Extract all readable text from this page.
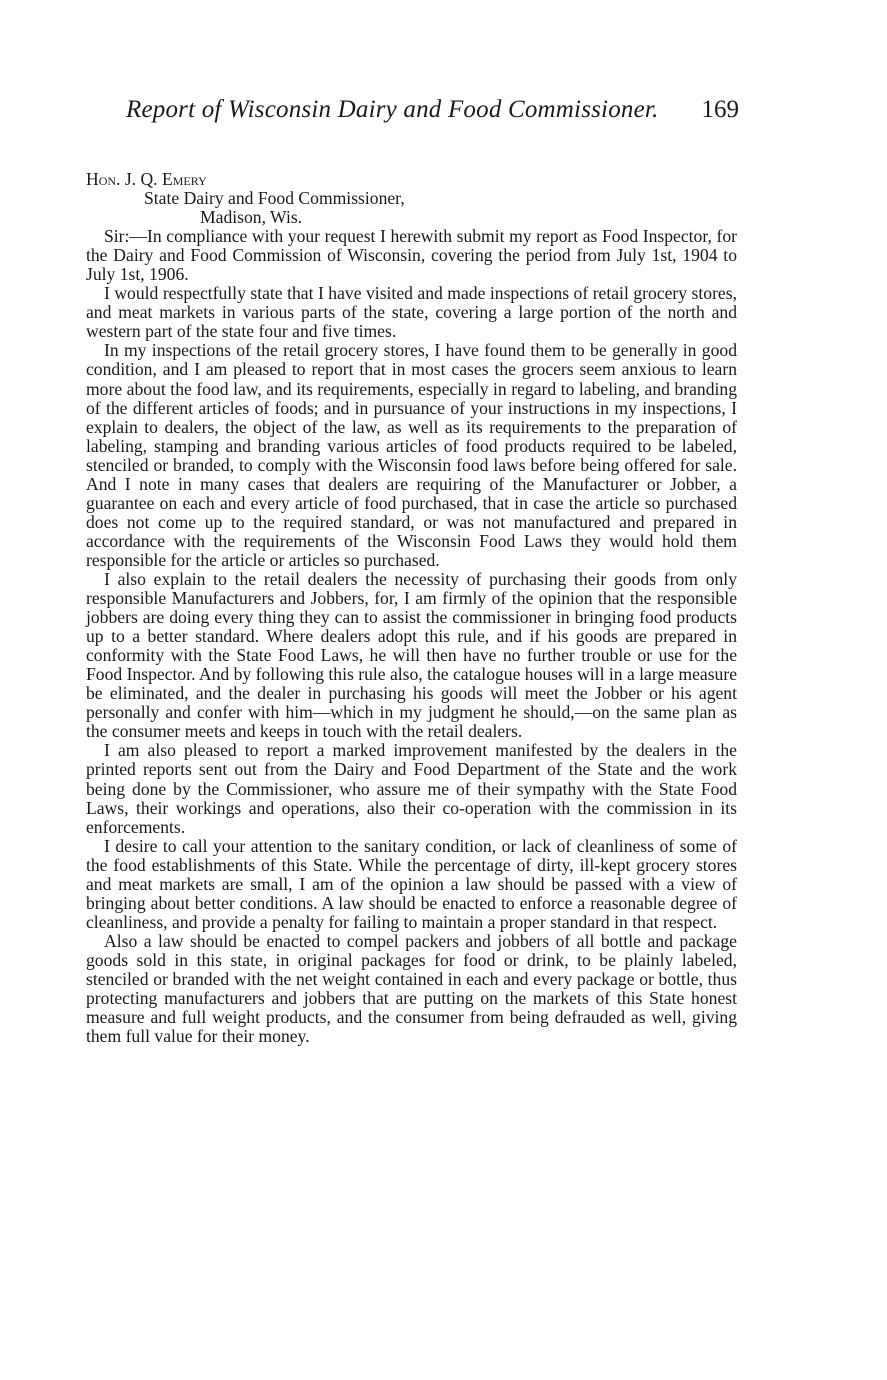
Report of Wisconsin Dairy and Food Commissioner. 169
Hon. J. Q. Emery
State Dairy and Food Commissioner,
Madison, Wis.

Sir:—In compliance with your request I herewith submit my report as Food Inspector, for the Dairy and Food Commission of Wisconsin, covering the period from July 1st, 1904 to July 1st, 1906.

I would respectfully state that I have visited and made inspections of retail grocery stores, and meat markets in various parts of the state, covering a large portion of the north and western part of the state four and five times.

In my inspections of the retail grocery stores, I have found them to be generally in good condition, and I am pleased to report that in most cases the grocers seem anxious to learn more about the food law, and its requirements, especially in regard to labeling, and branding of the different articles of foods; and in pursuance of your instructions in my inspections, I explain to dealers, the object of the law, as well as its requirements to the preparation of labeling, stamping and branding various articles of food products required to be labeled, stenciled or branded, to comply with the Wisconsin food laws before being offered for sale. And I note in many cases that dealers are requiring of the Manufacturer or Jobber, a guarantee on each and every article of food purchased, that in case the article so purchased does not come up to the required standard, or was not manufactured and prepared in accordance with the requirements of the Wisconsin Food Laws they would hold them responsible for the article or articles so purchased.

I also explain to the retail dealers the necessity of purchasing their goods from only responsible Manufacturers and Jobbers, for, I am firmly of the opinion that the responsible jobbers are doing every thing they can to assist the commissioner in bringing food products up to a better standard. Where dealers adopt this rule, and if his goods are prepared in conformity with the State Food Laws, he will then have no further trouble or use for the Food Inspector. And by following this rule also, the catalogue houses will in a large measure be eliminated, and the dealer in purchasing his goods will meet the Jobber or his agent personally and confer with him—which in my judgment he should,—on the same plan as the consumer meets and keeps in touch with the retail dealers.

I am also pleased to report a marked improvement manifested by the dealers in the printed reports sent out from the Dairy and Food Department of the State and the work being done by the Commissioner, who assure me of their sympathy with the State Food Laws, their workings and operations, also their co-operation with the commission in its enforcements.

I desire to call your attention to the sanitary condition, or lack of cleanliness of some of the food establishments of this State. While the percentage of dirty, ill-kept grocery stores and meat markets are small, I am of the opinion a law should be passed with a view of bringing about better conditions. A law should be enacted to enforce a reasonable degree of cleanliness, and provide a penalty for failing to maintain a proper standard in that respect.

Also a law should be enacted to compel packers and jobbers of all bottle and package goods sold in this state, in original packages for food or drink, to be plainly labeled, stenciled or branded with the net weight contained in each and every package or bottle, thus protecting manufacturers and jobbers that are putting on the markets of this State honest measure and full weight products, and the consumer from being defrauded as well, giving them full value for their money.
